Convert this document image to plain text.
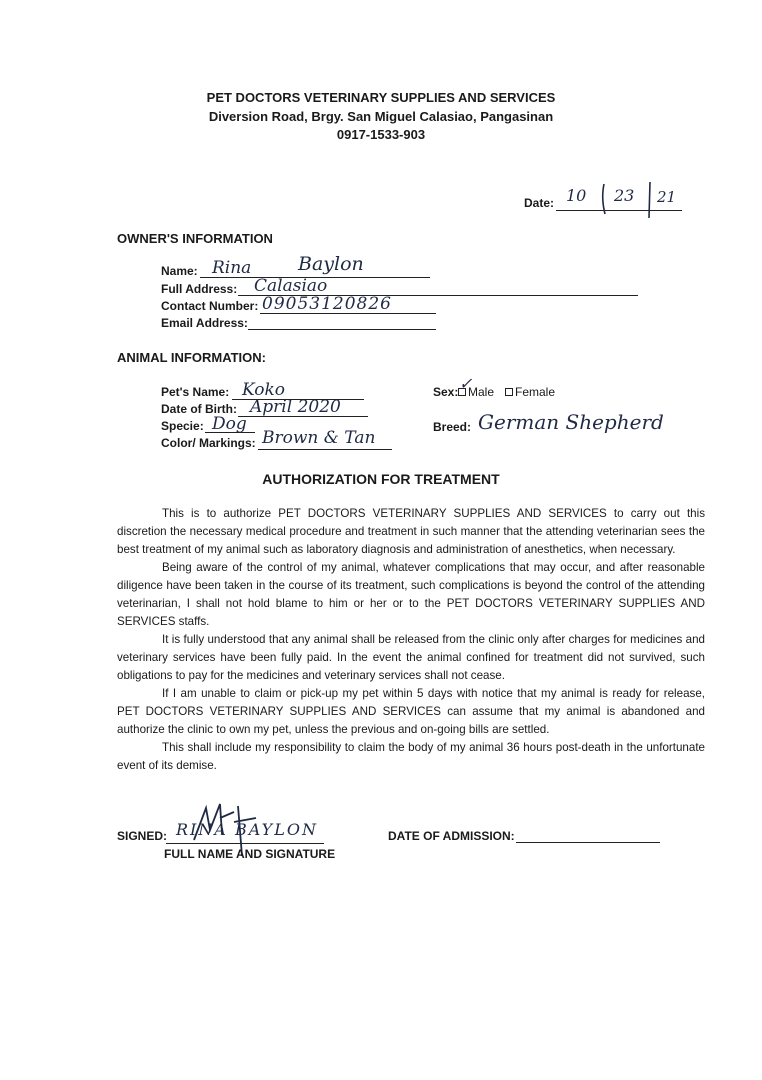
PET DOCTORS VETERINARY SUPPLIES AND SERVICES
Diversion Road, Brgy. San Miguel Calasiao, Pangasinan
0917-1533-903
Date: 10 23 21
OWNER'S INFORMATION
Name: Rina Baylon
Full Address: Calasiao
Contact Number: 09053120826
Email Address:
ANIMAL INFORMATION:
Pet's Name: Koko
Date of Birth: April 2020
Specie: Dog
Color/ Markings: Brown & Tan
Sex: Male
✓	Female
Breed: German Shepherd
AUTHORIZATION FOR TREATMENT

This is to authorize PET DOCTORS VETERINARY SUPPLIES AND SERVICES to carry out this discretion the necessary medical procedure and treatment in such manner that the attending veterinarian sees the best treatment of my animal such as laboratory diagnosis and administration of anesthetics, when necessary.

Being aware of the control of my animal, whatever complications that may occur, and after reasonable diligence have been taken in the course of its treatment, such complications is beyond the control of the attending veterinarian, I shall not hold blame to him or her or to the PET DOCTORS VETERINARY SUPPLIES AND SERVICES staffs.

It is fully understood that any animal shall be released from the clinic only after charges for medicines and veterinary services have been fully paid. In the event the animal confined for treatment did not survived, such obligations to pay for the medicines and veterinary services shall not cease.

If I am unable to claim or pick-up my pet within 5 days with notice that my animal is ready for release, PET DOCTORS VETERINARY SUPPLIES AND SERVICES can assume that my animal is abandoned and authorize the clinic to own my pet, unless the previous and on-going bills are settled.

This shall include my responsibility to claim the body of my animal 36 hours post-death in the unfortunate event of its demise.

SIGNED: RINA BAYLON
FULL NAME AND SIGNATURE
DATE OF ADMISSION:
